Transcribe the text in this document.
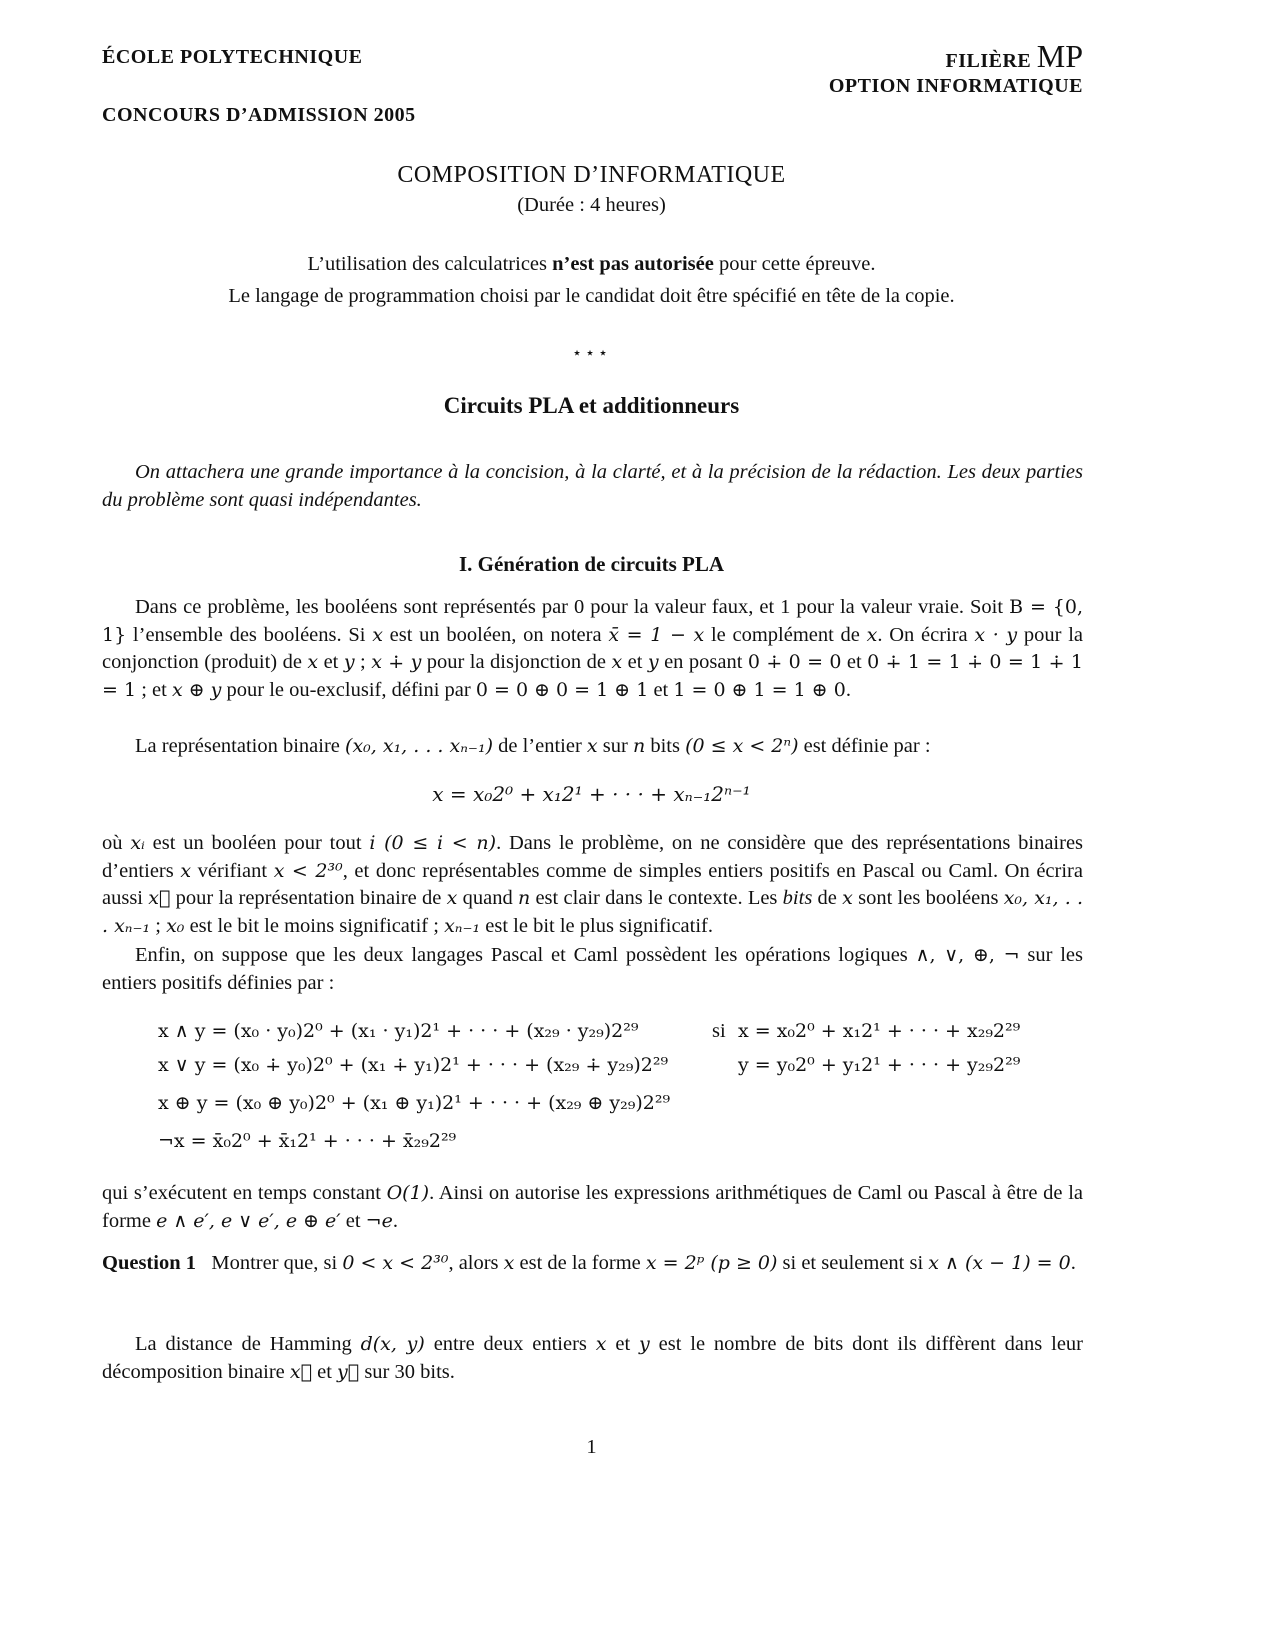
ÉCOLE POLYTECHNIQUE	FILIÈRE MP
OPTION INFORMATIQUE
CONCOURS D’ADMISSION 2005
COMPOSITION D’INFORMATIQUE
(Durée : 4 heures)
L’utilisation des calculatrices n’est pas autorisée pour cette épreuve.
Le langage de programmation choisi par le candidat doit être spécifié en tête de la copie.
⋆⋆⋆
Circuits PLA et additionneurs
On attachera une grande importance à la concision, à la clarté, et à la précision de la rédaction. Les deux parties du problème sont quasi indépendantes.
I. Génération de circuits PLA

Dans ce problème, les booléens sont représentés par 0 pour la valeur faux, et 1 pour la valeur vraie. Soit B = {0, 1} l’ensemble des booléens. Si x est un booléen, on notera x̄ = 1 − x le complément de x. On écrira x · y pour la conjonction (produit) de x et y ; x ∔ y pour la disjonction de x et y en posant 0 ∔ 0 = 0 et 0 ∔ 1 = 1 ∔ 0 = 1 ∔ 1 = 1 ; et x ⊕ y pour le ou-exclusif, défini par 0 = 0 ⊕ 0 = 1 ⊕ 1 et 1 = 0 ⊕ 1 = 1 ⊕ 0.

La représentation binaire (x₀, x₁, . . . xₙ₋₁) de l’entier x sur n bits (0 ≤ x < 2ⁿ) est définie par :

x = x₀2⁰ + x₁2¹ + · · · + xₙ₋₁2ⁿ⁻¹

où xᵢ est un booléen pour tout i (0 ≤ i < n). Dans le problème, on ne considère que des représentations binaires d’entiers x vérifiant x < 2³⁰, et donc représentables comme de simples entiers positifs en Pascal ou Caml. On écrira aussi x⃗ pour la représentation binaire de x quand n est clair dans le contexte. Les bits de x sont les booléens x₀, x₁, . . . xₙ₋₁ ; x₀ est le bit le moins significatif ; xₙ₋₁ est le bit le plus significatif.

Enfin, on suppose que les deux langages Pascal et Caml possèdent les opérations logiques ∧, ∨, ⊕, ¬ sur les entiers positifs définies par :

x ∧ y = (x₀ · y₀)2⁰ + (x₁ · y₁)2¹ + · · · + (x₂₉ · y₂₉)2²⁹
x ∨ y = (x₀ ∔ y₀)2⁰ + (x₁ ∔ y₁)2¹ + · · · + (x₂₉ ∔ y₂₉)2²⁹
x ⊕ y = (x₀ ⊕ y₀)2⁰ + (x₁ ⊕ y₁)2¹ + · · · + (x₂₉ ⊕ y₂₉)2²⁹
¬x = x̄₀2⁰ + x̄₁2¹ + · · · + x̄₂₉2²⁹
si x = x₀2⁰ + x₁2¹ + · · · + x₂₉2²⁹
y = y₀2⁰ + y₁2¹ + · · · + y₂₉2²⁹

qui s’exécutent en temps constant O(1). Ainsi on autorise les expressions arithmétiques de Caml ou Pascal à être de la forme e ∧ e′, e ∨ e′, e ⊕ e′ et ¬e.

Question 1 Montrer que, si 0 < x < 2³⁰, alors x est de la forme x = 2ᵖ (p ≥ 0) si et seulement si x ∧ (x − 1) = 0.

La distance de Hamming d(x, y) entre deux entiers x et y est le nombre de bits dont ils diffèrent dans leur décomposition binaire x⃗ et y⃗ sur 30 bits.

1
